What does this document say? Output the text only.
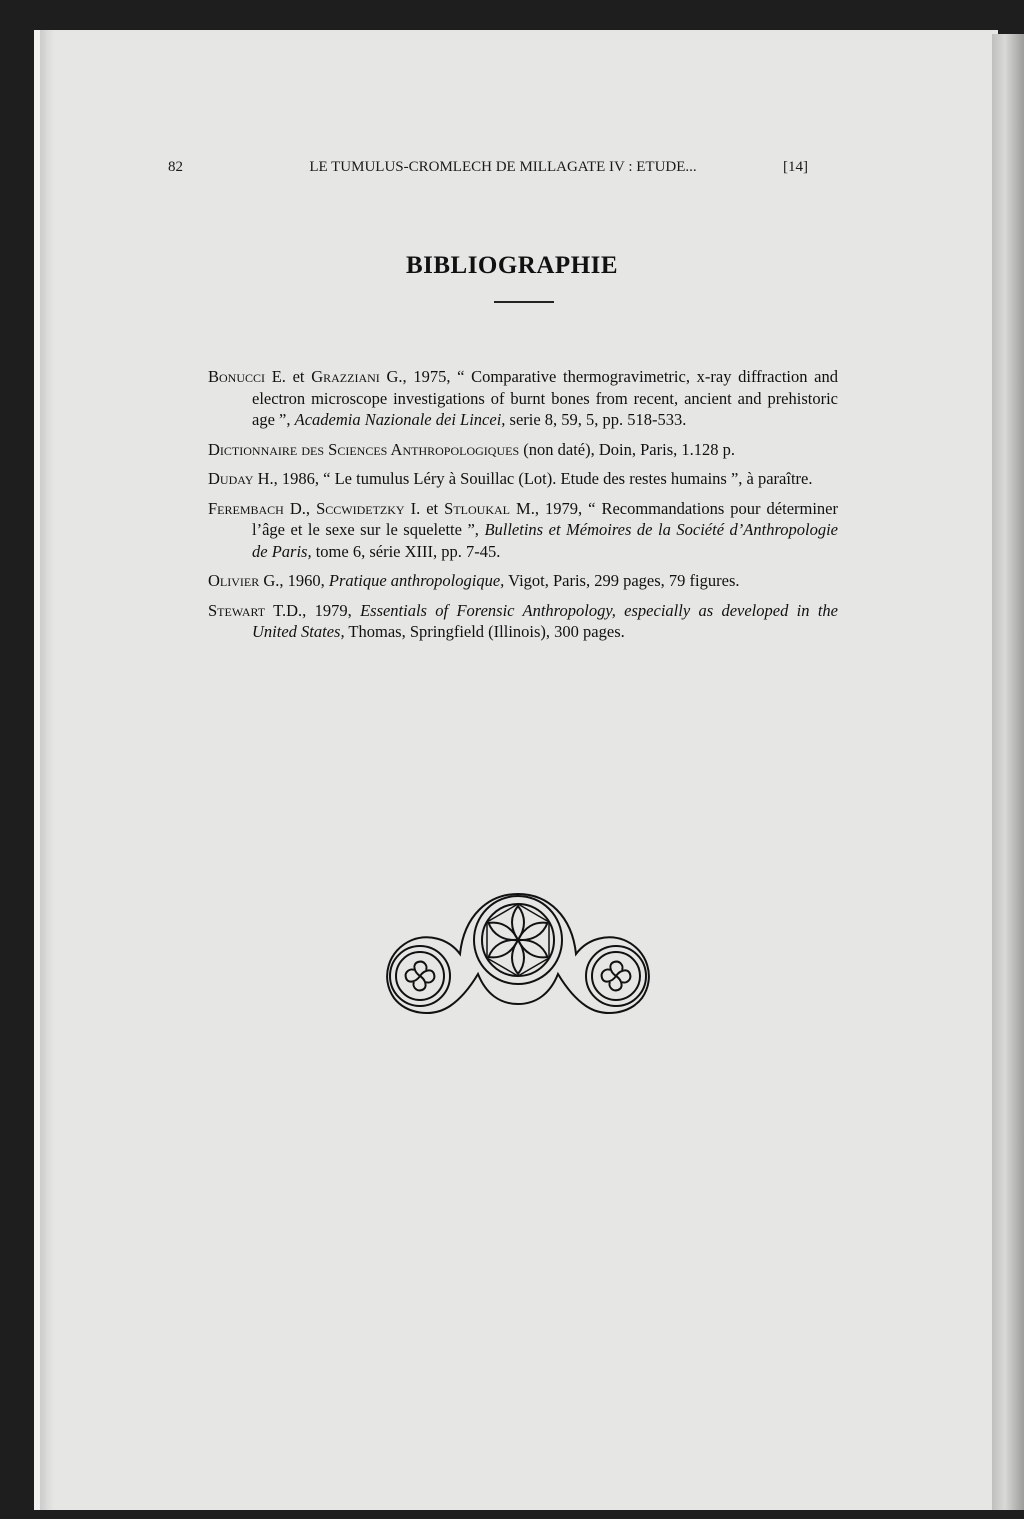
82	LE TUMULUS-CROMLECH DE MILLAGATE IV : ETUDE...	[14]
BIBLIOGRAPHIE

Bonucci E. et Grazziani G., 1975, “ Comparative thermogravimetric, x-ray diffraction and electron microscope investigations of burnt bones from recent, ancient and prehistoric age ”, Academia Nazionale dei Lincei, serie 8, 59, 5, pp. 518-533.

Dictionnaire des Sciences Anthropologiques (non daté), Doin, Paris, 1.128 p.

Duday H., 1986, “ Le tumulus Léry à Souillac (Lot). Etude des restes humains ”, à paraître.

Ferembach D., Sccwidetzky I. et Stloukal M., 1979, “ Recommandations pour déterminer l’âge et le sexe sur le squelette ”, Bulletins et Mémoires de la Société d’Anthropologie de Paris, tome 6, série XIII, pp. 7-45.

Olivier G., 1960, Pratique anthropologique, Vigot, Paris, 299 pages, 79 figures.

Stewart T.D., 1979, Essentials of Forensic Anthropology, especially as developed in the United States, Thomas, Springfield (Illinois), 300 pages.
